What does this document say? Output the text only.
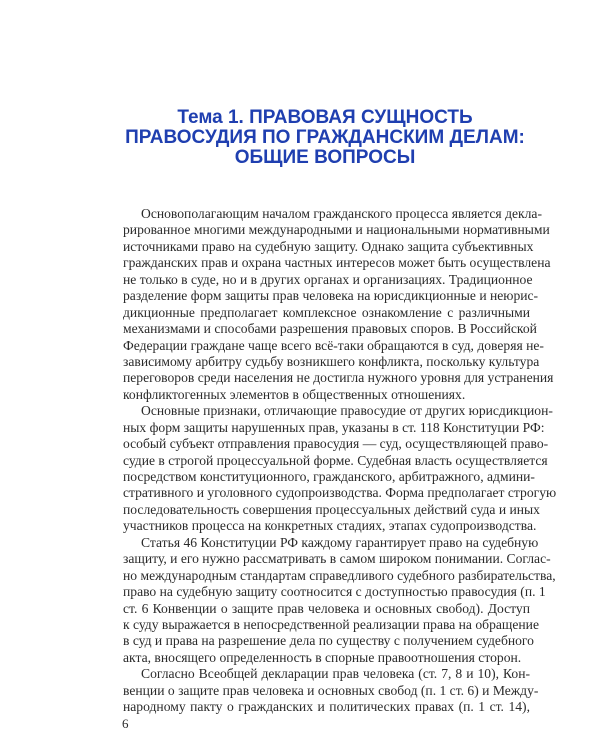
Тема 1. ПРАВОВАЯ СУЩНОСТЬ
ПРАВОСУДИЯ ПО ГРАЖДАНСКИМ ДЕЛАМ:
ОБЩИЕ ВОПРОСЫ
Основополагающим началом гражданского процесса является декла-
рированное многими международными и национальными нормативными
источниками право на судебную защиту. Однако защита субъективных
гражданских прав и охрана частных интересов может быть осуществлена
не только в суде, но и в других органах и организациях. Традиционное
разделение форм защиты прав человека на юрисдикционные и неюрис-
дикционные предполагает комплексное ознакомление с различными
механизмами и способами разрешения правовых споров. В Российской
Федерации граждане чаще всего всё-таки обращаются в суд, доверяя не-
зависимому арбитру судьбу возникшего конфликта, поскольку культура
переговоров среди населения не достигла нужного уровня для устранения
конфликтогенных элементов в общественных отношениях.
Основные признаки, отличающие правосудие от других юрисдикцион-
ных форм защиты нарушенных прав, указаны в ст. 118 Конституции РФ:
особый субъект отправления правосудия — суд, осуществляющей право-
судие в строгой процессуальной форме. Судебная власть осуществляется
посредством конституционного, гражданского, арбитражного, админи-
стративного и уголовного судопроизводства. Форма предполагает строгую
последовательность совершения процессуальных действий суда и иных
участников процесса на конкретных стадиях, этапах судопроизводства.
Статья 46 Конституции РФ каждому гарантирует право на судебную
защиту, и его нужно рассматривать в самом широком понимании. Соглас-
но международным стандартам справедливого судебного разбирательства,
право на судебную защиту соотносится с доступностью правосудия (п. 1
ст. 6 Конвенции о защите прав человека и основных свобод). Доступ
к суду выражается в непосредственной реализации права на обращение
в суд и права на разрешение дела по существу с получением судебного
акта, вносящего определенность в спорные правоотношения сторон.
Согласно Всеобщей декларации прав человека (ст. 7, 8 и 10), Кон-
венции о защите прав человека и основных свобод (п. 1 ст. 6) и Между-
народному пакту о гражданских и политических правах (п. 1 ст. 14),
6
